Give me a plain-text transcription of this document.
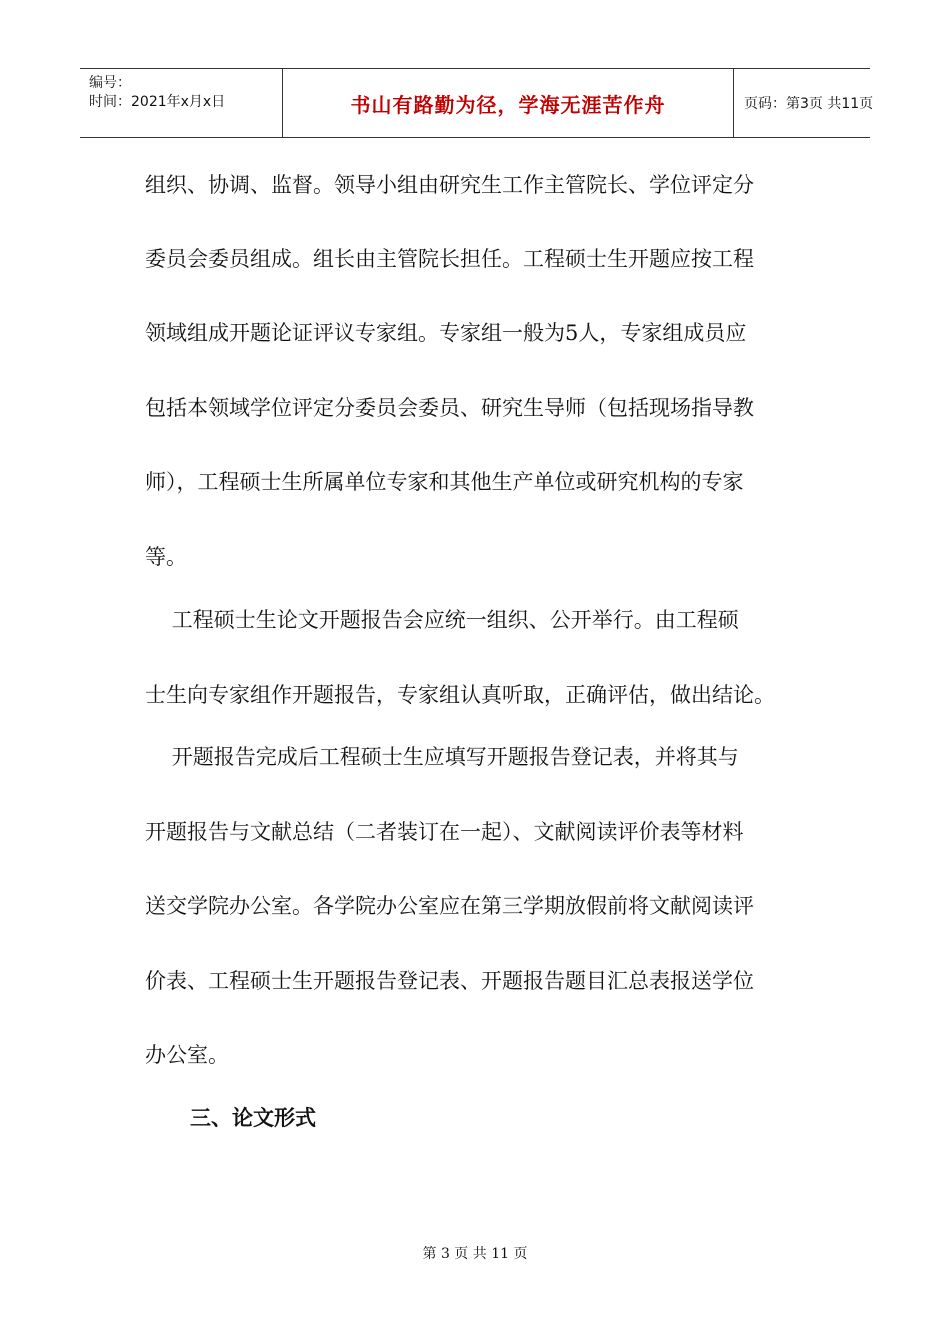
编号：
时间：2021年x月x日	书山有路勤为径，学海无涯苦作舟	页码：第3页 共11页
组织、协调、监督。领导小组由研究生工作主管院长、学位评定分
委员会委员组成。组长由主管院长担任。工程硕士生开题应按工程
领域组成开题论证评议专家组。专家组一般为5人，专家组成员应
包括本领域学位评定分委员会委员、研究生导师（包括现场指导教
师），工程硕士生所属单位专家和其他生产单位或研究机构的专家
等。
工程硕士生论文开题报告会应统一组织、公开举行。由工程硕
士生向专家组作开题报告，专家组认真听取，正确评估，做出结论。
开题报告完成后工程硕士生应填写开题报告登记表，并将其与
开题报告与文献总结（二者装订在一起）、文献阅读评价表等材料
送交学院办公室。各学院办公室应在第三学期放假前将文献阅读评
价表、工程硕士生开题报告登记表、开题报告题目汇总表报送学位
办公室。
三、论文形式
第 3 页 共 11 页
